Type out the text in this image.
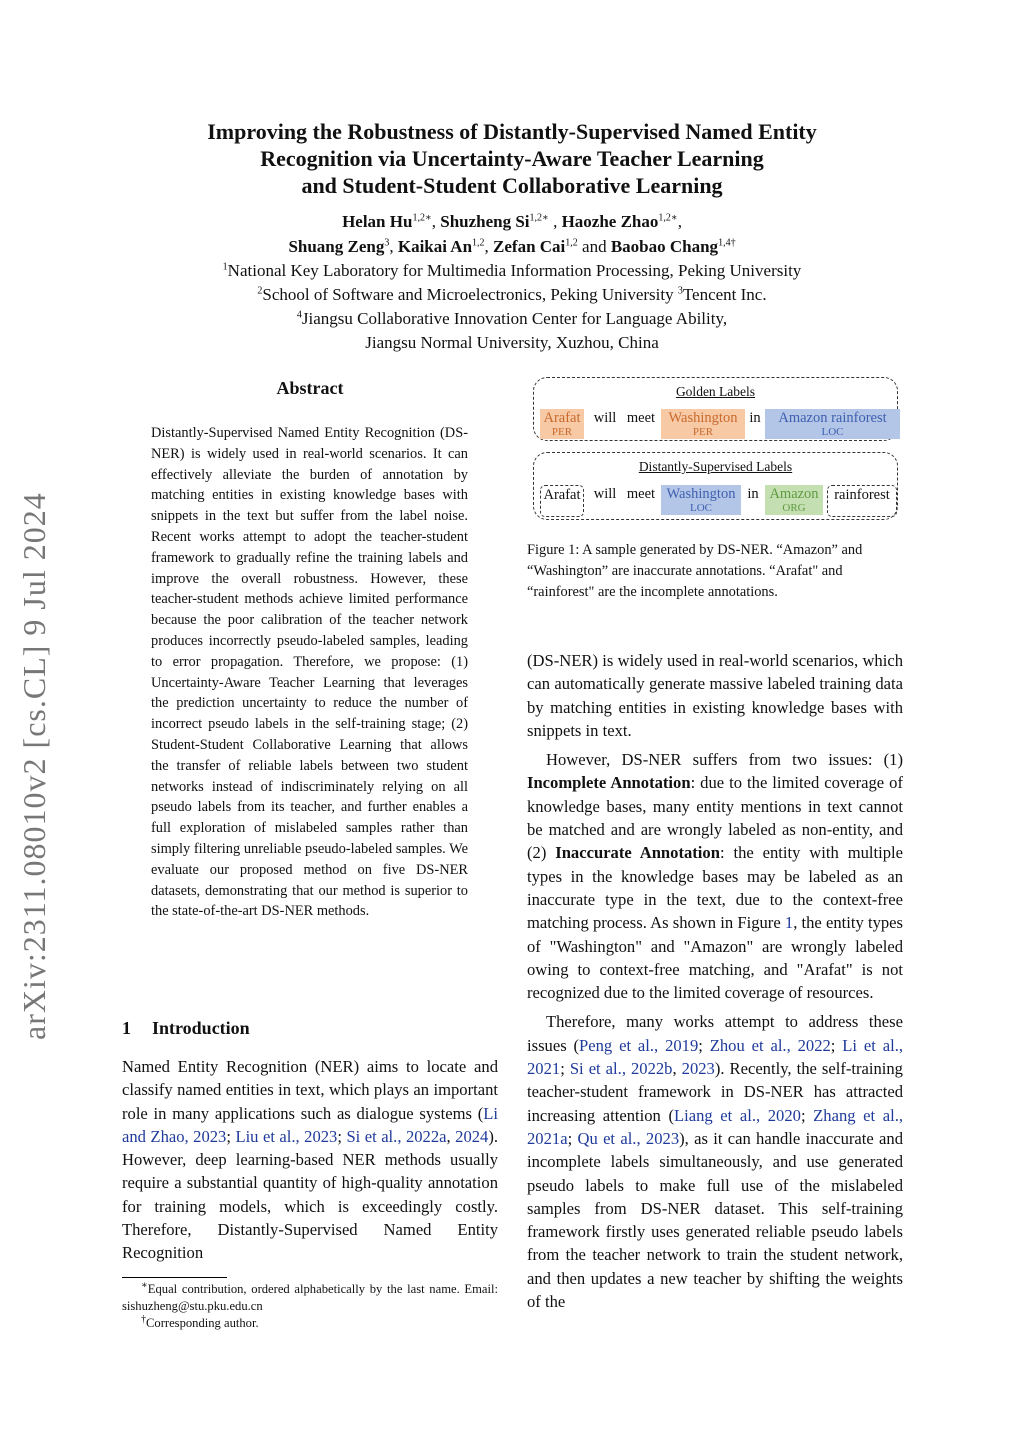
Improving the Robustness of Distantly-Supervised Named Entity
Recognition via Uncertainty-Aware Teacher Learning
and Student-Student Collaborative Learning
Helan $Hu^{1,2∗}$, Shuzheng $Si^{1,2∗}$ , Haozhe Zhao$^{1,2∗}$,
Shuang Zeng$^3$, Kaikai An$^{1,2}$, Zefan Cai$^{1,2}$ and Baobao Chang$^{1,4\dagger}$
$^1$National Key Laboratory for Multimedia Information Processing, Peking University
$^2$School of Software and Microelectronics, Peking University $^3$Tencent Inc.
$^4$Jiangsu Collaborative Innovation Center for Language Ability,
Jiangsu Normal University, Xuzhou, China
arXiv:2311.08010v2 [cs.CL] 9 Jul 2024
Abstract
Distantly-Supervised Named Entity Recognition (DS-NER) is widely used in real-world scenarios. It can effectively alleviate the burden of annotation by matching entities in existing knowledge bases with snippets in the text but suffer from the label noise. Recent works attempt to adopt the teacher-student framework to gradually refine the training labels and improve the overall robustness. However, these teacher-student methods achieve limited performance because the poor calibration of the teacher network produces incorrectly pseudo-labeled samples, leading to error propagation. Therefore, we propose: (1) Uncertainty-Aware Teacher Learning that leverages the prediction uncertainty to reduce the number of incorrect pseudo labels in the self-training stage; (2) Student-Student Collaborative Learning that allows the transfer of reliable labels between two student networks instead of indiscriminately relying on all pseudo labels from its teacher, and further enables a full exploration of mislabeled samples rather than simply filtering unreliable pseudo-labeled samples. We evaluate our proposed method on five DS-NER datasets, demonstrating that our method is superior to the state-of-the-art DS-NER methods.
1 Introduction

Named Entity Recognition (NER) aims to locate and classify named entities in text, which plays an important role in many applications such as dialogue systems (Li and Zhao, 2023; Liu et al., 2023; Si et al., 2022a, 2024). However, deep learning-based NER methods usually require a substantial quantity of high-quality annotation for training models, which is exceedingly costly. Therefore, Distantly-Supervised Named Entity Recognition

∗Equal contribution, ordered alphabetically by the last name. Email: sishuzheng@stu.pku.edu.cn

†Corresponding author.

Golden Labels
Arafat
PER
will meet Washington
PER
in	Amazon rainforest
LOC
Distantly-Supervised Labels
Arafat will meet Washington
LOC
in Amazon
ORG
rainforest
Figure 1: A sample generated by DS-NER. “Amazon” and “Washington” are inaccurate annotations. “Arafat" and “rainforest" are the incomplete annotations.

(DS-NER) is widely used in real-world scenarios, which can automatically generate massive labeled training data by matching entities in existing knowledge bases with snippets in text.

However, DS-NER suffers from two issues: (1) Incomplete Annotation: due to the limited coverage of knowledge bases, many entity mentions in text cannot be matched and are wrongly labeled as non-entity, and (2) Inaccurate Annotation: the entity with multiple types in the knowledge bases may be labeled as an inaccurate type in the text, due to the context-free matching process. As shown in Figure 1, the entity types of "Washington" and "Amazon" are wrongly labeled owing to context-free matching, and "Arafat" is not recognized due to the limited coverage of resources.

Therefore, many works attempt to address these issues (Peng et al., 2019; Zhou et al., 2022; Li et al., 2021; Si et al., 2022b, 2023). Recently, the self-training teacher-student framework in DS-NER has attracted increasing attention (Liang et al., 2020; Zhang et al., 2021a; Qu et al., 2023), as it can handle inaccurate and incomplete labels simultaneously, and use generated pseudo labels to make full use of the mislabeled samples from DS-NER dataset. This self-training framework firstly uses generated reliable pseudo labels from the teacher network to train the student network, and then updates a new teacher by shifting the weights of the
